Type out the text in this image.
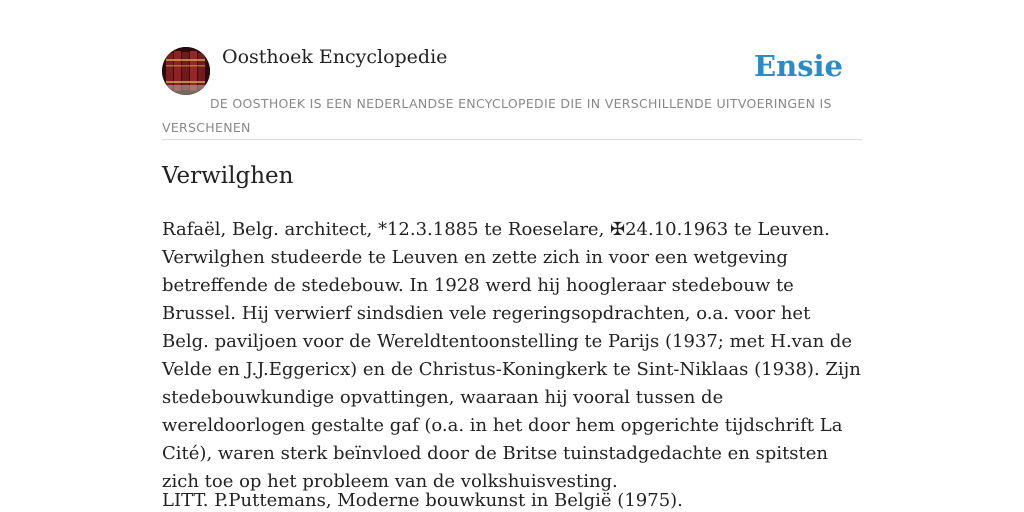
Oosthoek Encyclopedie	Ensie

DE OOSTHOEK IS EEN NEDERLANDSE ENCYCLOPEDIE DIE IN VERSCHILLENDE UITVOERINGEN IS VERSCHENEN

Verwilghen

Rafaël, Belg. architect, *12.3.1885 te Roeselare, ✠24.10.1963 te Leuven. Verwilghen studeerde te Leuven en zette zich in voor een wetgeving betreffende de stedebouw. In 1928 werd hij hoogleraar stedebouw te Brussel. Hij verwierf sindsdien vele regeringsopdrachten, o.a. voor het Belg. paviljoen voor de Wereldtentoonstelling te Parijs (1937; met H.van de Velde en J.J.Eggericx) en de Christus-Koningkerk te Sint-Niklaas (1938). Zijn stedebouwkundige opvattingen, waaraan hij vooral tussen de wereldoorlogen gestalte gaf (o.a. in het door hem opgerichte tijdschrift La Cité), waren sterk beïnvloed door de Britse tuinstadgedachte en spitsten zich toe op het probleem van de volkshuisvesting.

LITT. P.Puttemans, Moderne bouwkunst in België (1975).
